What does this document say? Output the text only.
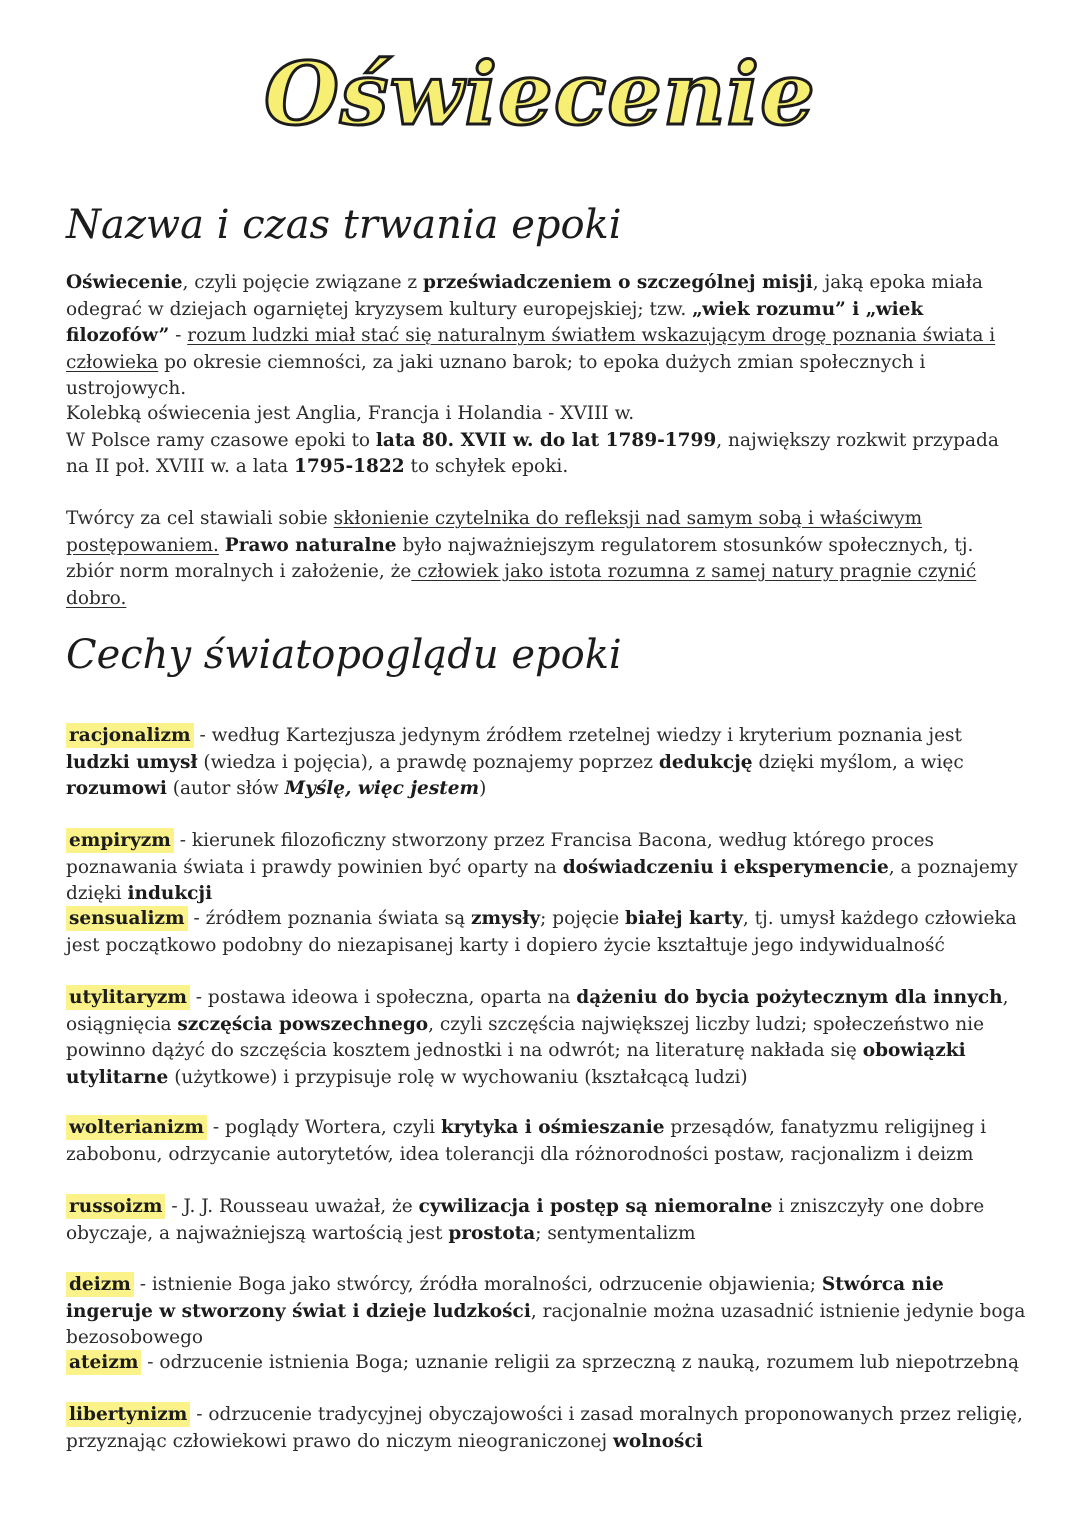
Oświecenie
Nazwa i czas trwania epoki

Oświecenie, czyli pojęcie związane z przeświadczeniem o szczególnej misji, jaką epoka miała odegrać w dziejach ogarniętej kryzysem kultury europejskiej; tzw. „wiek rozumu” i „wiek filozofów” - rozum ludzki miał stać się naturalnym światłem wskazującym drogę poznania świata i człowieka po okresie ciemności, za jaki uznano barok; to epoka dużych zmian społecznych i ustrojowych.

Kolebką oświecenia jest Anglia, Francja i Holandia - XVIII w.
W Polsce ramy czasowe epoki to lata 80. XVII w. do lat 1789-1799, największy rozkwit przypada na II poł. XVIII w. a lata 1795-1822 to schyłek epoki.

Twórcy za cel stawiali sobie skłonienie czytelnika do refleksji nad samym sobą i właściwym postępowaniem. Prawo naturalne było najważniejszym regulatorem stosunków społecznych, tj. zbiór norm moralnych i założenie, że człowiek jako istota rozumna z samej natury pragnie czynić dobro.

Cechy światopoglądu epoki

racjonalizm - według Kartezjusza jedynym źródłem rzetelnej wiedzy i kryterium poznania jest ludzki umysł (wiedza i pojęcia), a prawdę poznajemy poprzez dedukcję dzięki myślom, a więc rozumowi (autor słów Myślę, więc jestem)

empiryzm - kierunek filozoficzny stworzony przez Francisa Bacona, według którego proces poznawania świata i prawdy powinien być oparty na doświadczeniu i eksperymencie, a poznajemy dzięki indukcji

sensualizm - źródłem poznania świata są zmysły; pojęcie białej karty, tj. umysł każdego człowieka jest początkowo podobny do niezapisanej karty i dopiero życie kształtuje jego indywidualność

utylitaryzm - postawa ideowa i społeczna, oparta na dążeniu do bycia pożytecznym dla innych, osiągnięcia szczęścia powszechnego, czyli szczęścia największej liczby ludzi; społeczeństwo nie powinno dążyć do szczęścia kosztem jednostki i na odwrót; na literaturę nakłada się obowiązki utylitarne (użytkowe) i przypisuje rolę w wychowaniu (kształcącą ludzi)

wolterianizm - poglądy Wortera, czyli krytyka i ośmieszanie przesądów, fanatyzmu religijneg i zabobonu, odrzycanie autorytetów, idea tolerancji dla różnorodności postaw, racjonalizm i deizm

russoizm - J. J. Rousseau uważał, że cywilizacja i postęp są niemoralne i zniszczyły one dobre obyczaje, a najważniejszą wartością jest prostota; sentymentalizm

deizm - istnienie Boga jako stwórcy, źródła moralności, odrzucenie objawienia; Stwórca nie ingeruje w stworzony świat i dzieje ludzkości, racjonalnie można uzasadnić istnienie jedynie boga bezosobowego

ateizm - odrzucenie istnienia Boga; uznanie religii za sprzeczną z nauką, rozumem lub niepotrzebną

libertynizm - odrzucenie tradycyjnej obyczajowości i zasad moralnych proponowanych przez religię, przyznając człowiekowi prawo do niczym nieograniczonej wolności
